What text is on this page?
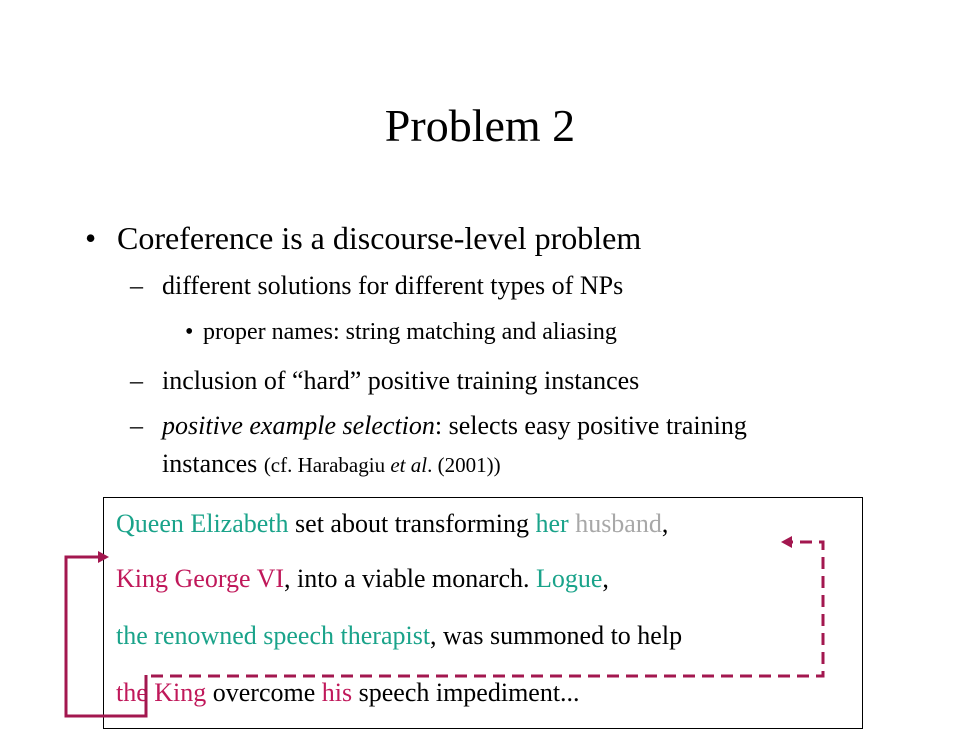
Problem 2
• Coreference is a discourse-level problem
– different solutions for different types of NPs
• proper names: string matching and aliasing
– inclusion of “hard” positive training instances
– positive example selection: selects easy positive training
instances (cf. Harabagiu et al. (2001))
Queen Elizabeth set about transforming her husband,
King George VI, into a viable monarch. Logue,
the renowned speech therapist, was summoned to help
the King overcome his speech impediment...
